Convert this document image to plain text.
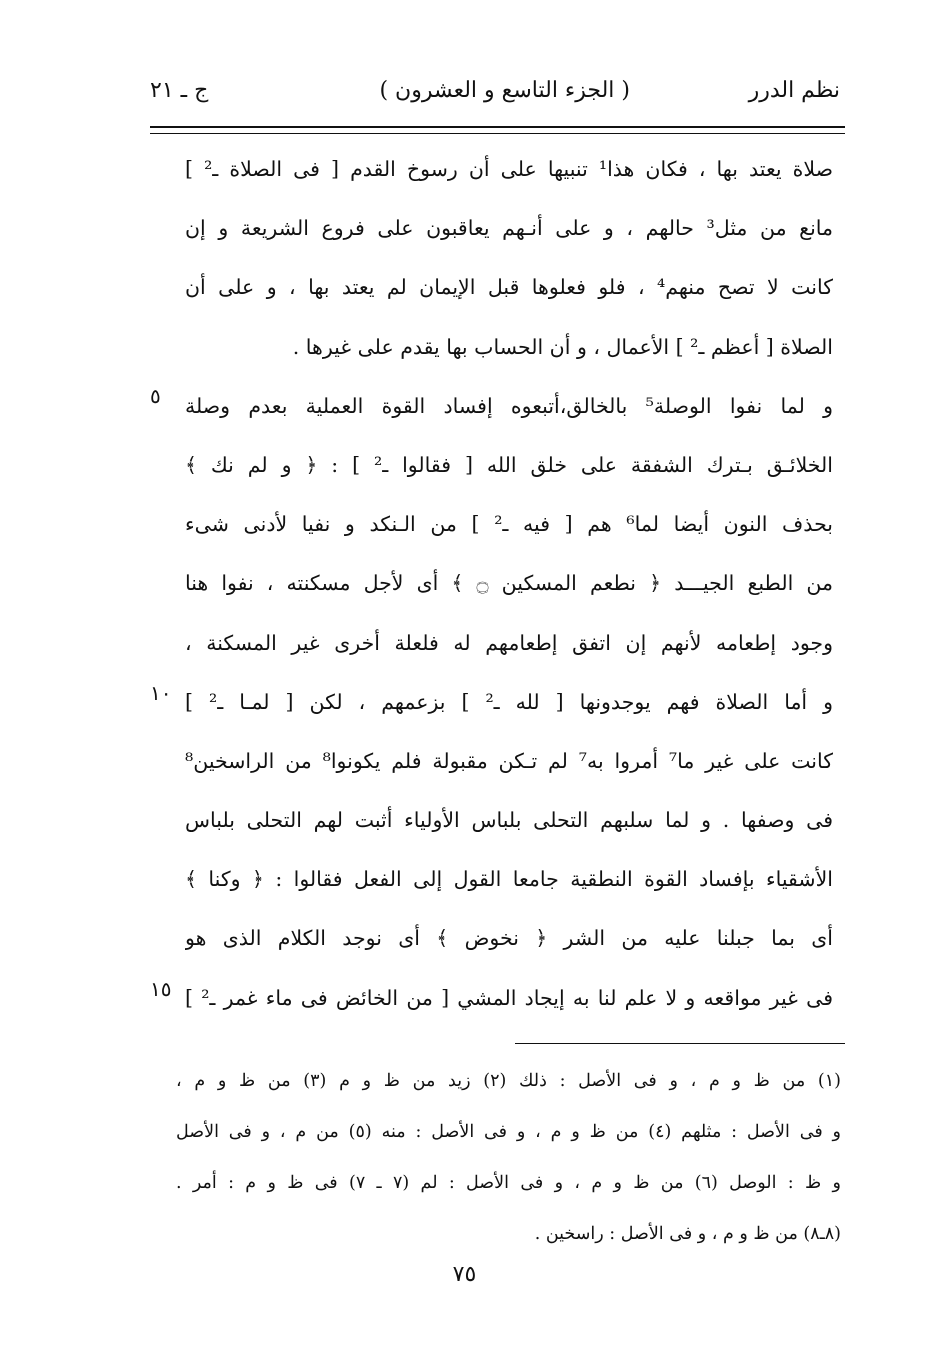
نظم الدرر
( الجزء التاسع و العشرون )
ج ـ ٢١
صلاة يعتد بها ، فكان هذا¹ تنبيها على أن رسوخ القدم [ فى الصلاة ـ² ]
مانع من مثل³ حالهم ، و على أنـهم يعاقبون على فروع الشريعة و إن
كانت لا تصح منهم⁴ ، فلو فعلوها قبل الإيمان لم يعتد بها ، و على أن
الصلاة [ أعظم ـ² ] الأعمال ، و أن الحساب بها يقدم على غيرها .
و لما نفوا الوصلة⁵ بالخالق،أتبعوه إفساد القوة العملية بعدم وصلة
الخلائـق بـترك الشفقة على خلق الله [ فقالوا ـ² ] : ﴿ و لم نك ﴾
بحذف النون أيضا لما⁶ هم [ فيه ـ² ] من الـنكد و نفيا لأدنى شىء
من الطبع الجيـــد ﴿ نطعم المسكين ۝ ﴾ أى لأجل مسكنته ، نفوا هنا
وجود إطعامه لأنهم إن اتفق إطعامهم له فلعلة أخرى غير المسكنة ،
و أما الصلاة فهم يوجدونها [ لله ـ² ] بزعمهم ، لكن [ لمـا ـ² ]
كانت على غير ما⁷ أمروا به⁷ لم تـكن مقبولة فلم يكونوا⁸ من الراسخين⁸
فى وصفها . و لما سلبهم التحلى بلباس الأولياء أثبت لهم التحلى بلباس
الأشقياء بإفساد القوة النطقية جامعا القول إلى الفعل فقالوا : ﴿ وكنا ﴾
أى بما جبلنا عليه من الشر ﴿ نخوض ﴾ أى نوجد الكلام الذى هو
فى غير مواقعه و لا علم لنا به إيجاد المشي [ من الخائض فى ماء غمر ـ² ]
٥
١٠
١٥
(١) من ظ و م ، و فى الأصل : ذلك (٢) زيد من ظ و م (٣) من ظ و م ،
و فى الأصل : مثلهم (٤) من ظ و م ، و فى الأصل : منه (٥) من م ، و فى الأصل
و ظ : الوصل (٦) من ظ و م ، و فى الأصل : لم (٧ ـ ٧) فى ظ و م : أمر .
(٨ـ٨) من ظ و م ، و فى الأصل : راسخين .
٧٥
